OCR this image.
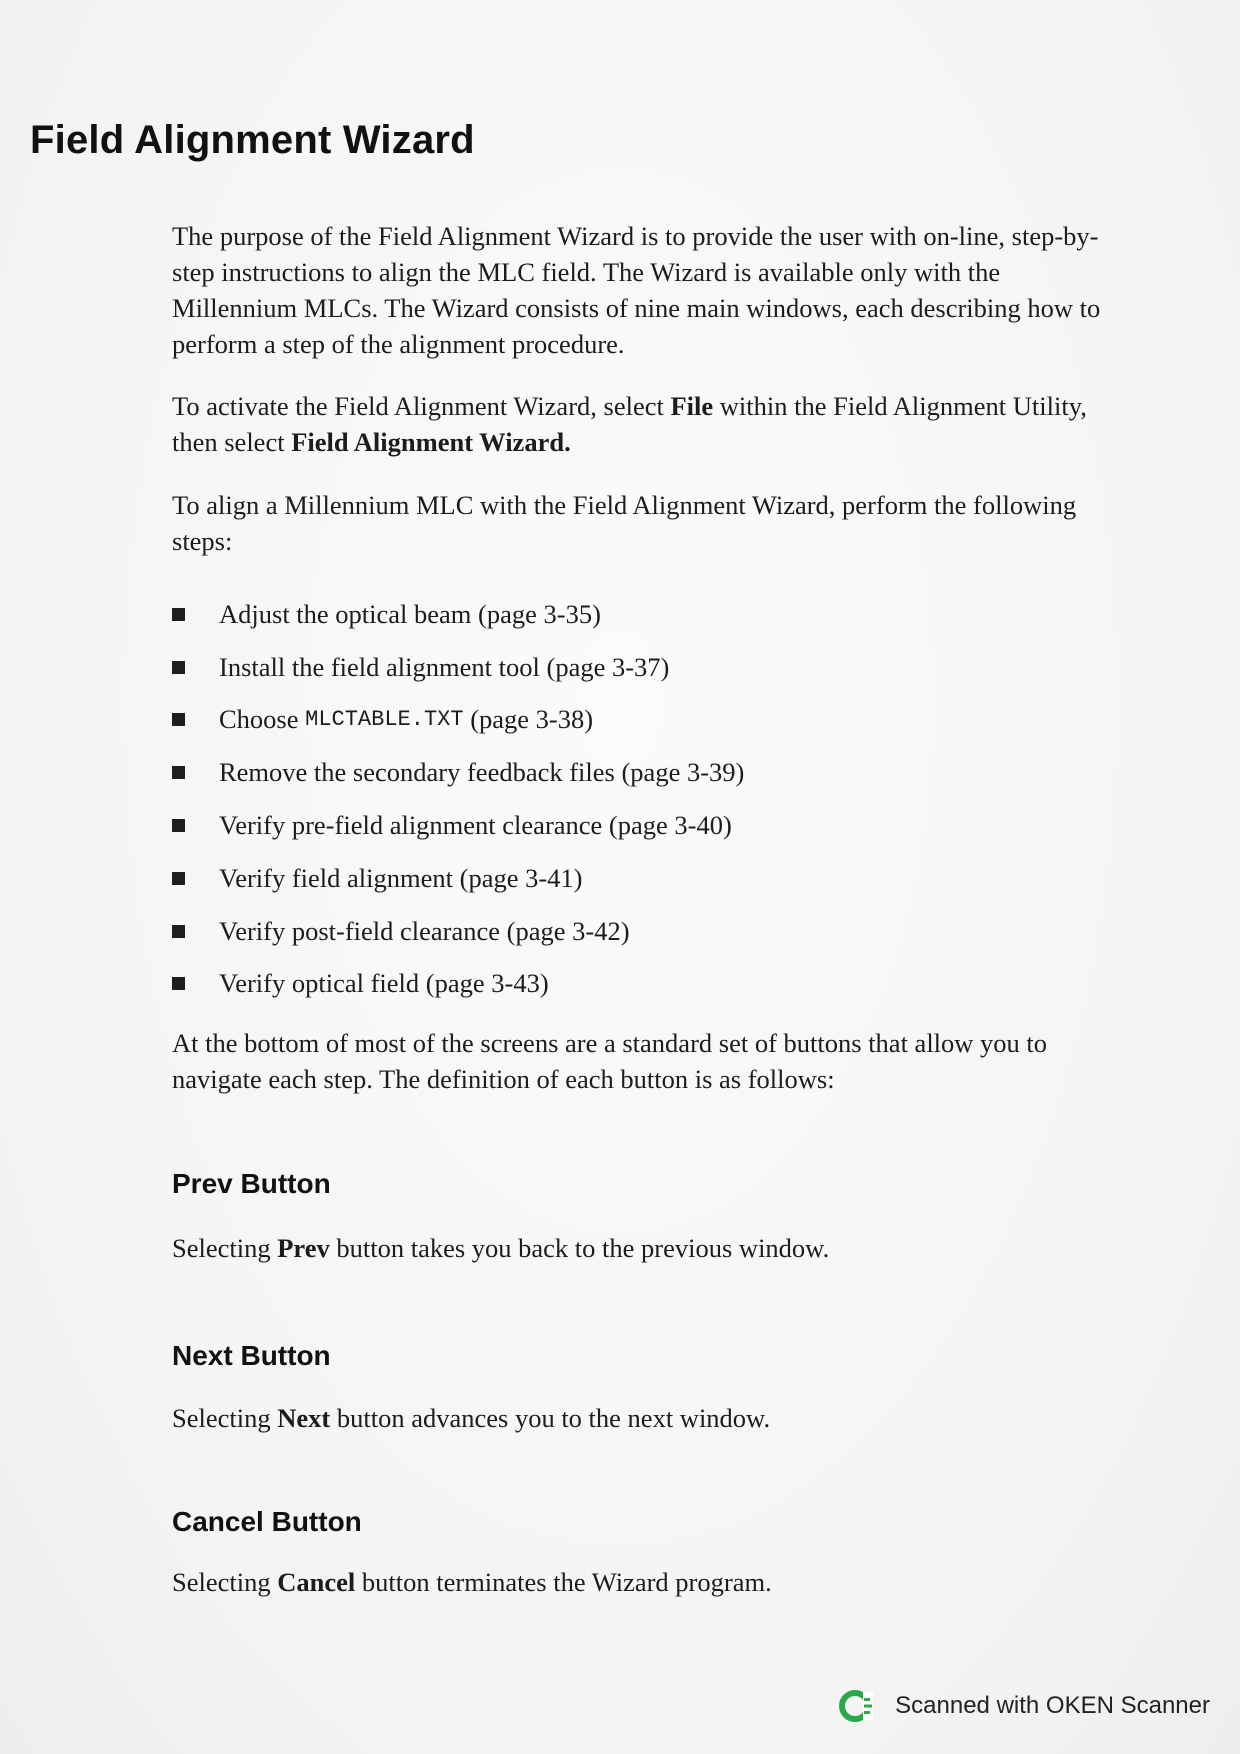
Field Alignment Wizard

The purpose of the Field Alignment Wizard is to provide the user with on-line, step-by-step instructions to align the MLC field. The Wizard is available only with the Millennium MLCs. The Wizard consists of nine main windows, each describing how to perform a step of the alignment procedure.

To activate the Field Alignment Wizard, select File within the Field Alignment Utility, then select Field Alignment Wizard.

To align a Millennium MLC with the Field Alignment Wizard, perform the following steps:

Adjust the optical beam (page 3-35)
Install the field alignment tool (page 3-37)
Choose
MLCTABLE.TXT
(page 3-38)
Remove the secondary feedback files (page 3-39)
Verify pre-field alignment clearance (page 3-40)
Verify field alignment (page 3-41)
Verify post-field clearance (page 3-42)
Verify optical field (page 3-43)

At the bottom of most of the screens are a standard set of buttons that allow you to navigate each step. The definition of each button is as follows:

Prev Button

Selecting Prev button takes you back to the previous window.

Next Button

Selecting Next button advances you to the next window.

Cancel Button

Selecting Cancel button terminates the Wizard program.

Scanned with OKEN Scanner
